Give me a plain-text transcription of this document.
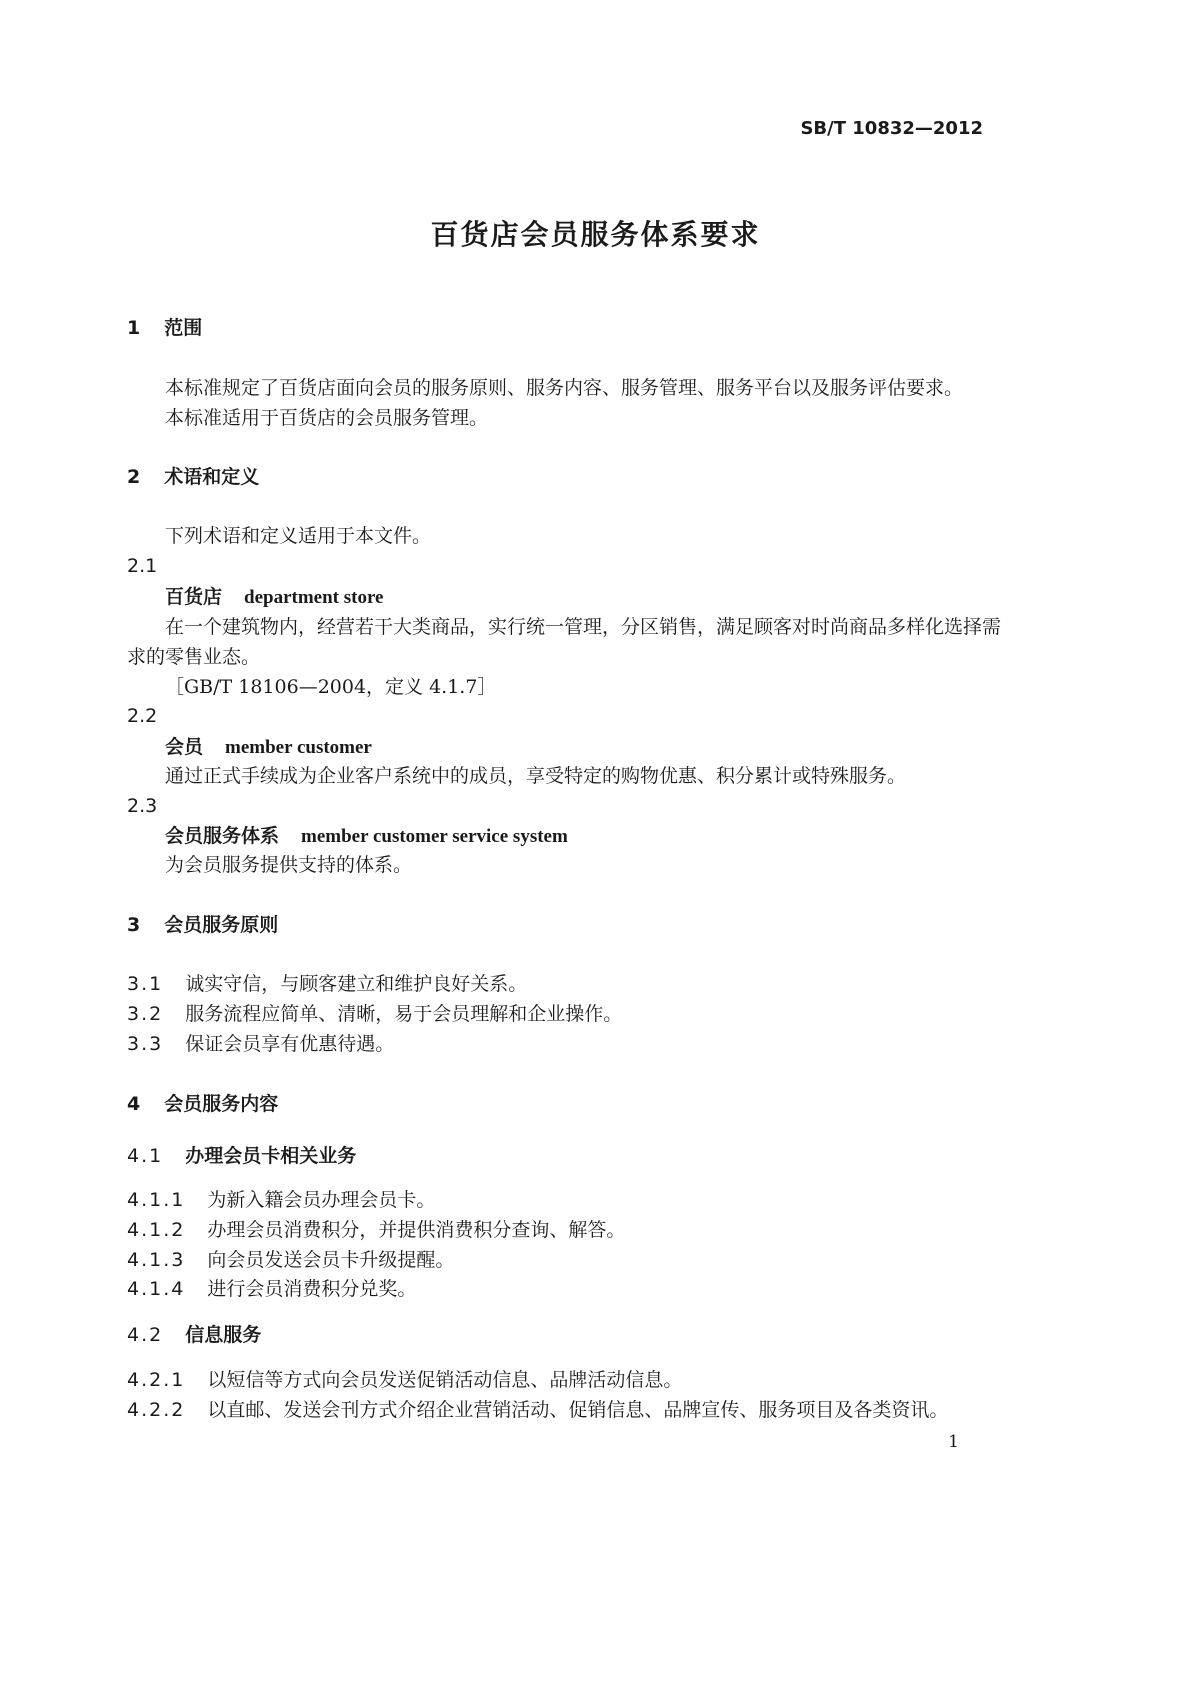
SB/T 10832—2012
百货店会员服务体系要求
1 范围
本标准规定了百货店面向会员的服务原则、服务内容、服务管理、服务平台以及服务评估要求。
本标准适用于百货店的会员服务管理。
2 术语和定义
下列术语和定义适用于本文件。
2.1
百货店 department store
在一个建筑物内，经营若干大类商品，实行统一管理，分区销售，满足顾客对时尚商品多样化选择需
求的零售业态。
［GB/T 18106—2004，定义 4.1.7］
2.2
会员 member customer
通过正式手续成为企业客户系统中的成员，享受特定的购物优惠、积分累计或特殊服务。
2.3
会员服务体系 member customer service system
为会员服务提供支持的体系。
3 会员服务原则
3.1 诚实守信，与顾客建立和维护良好关系。
3.2 服务流程应简单、清晰，易于会员理解和企业操作。
3.3 保证会员享有优惠待遇。
4 会员服务内容
4.1 办理会员卡相关业务
4.1.1 为新入籍会员办理会员卡。
4.1.2 办理会员消费积分，并提供消费积分查询、解答。
4.1.3 向会员发送会员卡升级提醒。
4.1.4 进行会员消费积分兑奖。
4.2 信息服务
4.2.1 以短信等方式向会员发送促销活动信息、品牌活动信息。
4.2.2 以直邮、发送会刊方式介绍企业营销活动、促销信息、品牌宣传、服务项目及各类资讯。
1
